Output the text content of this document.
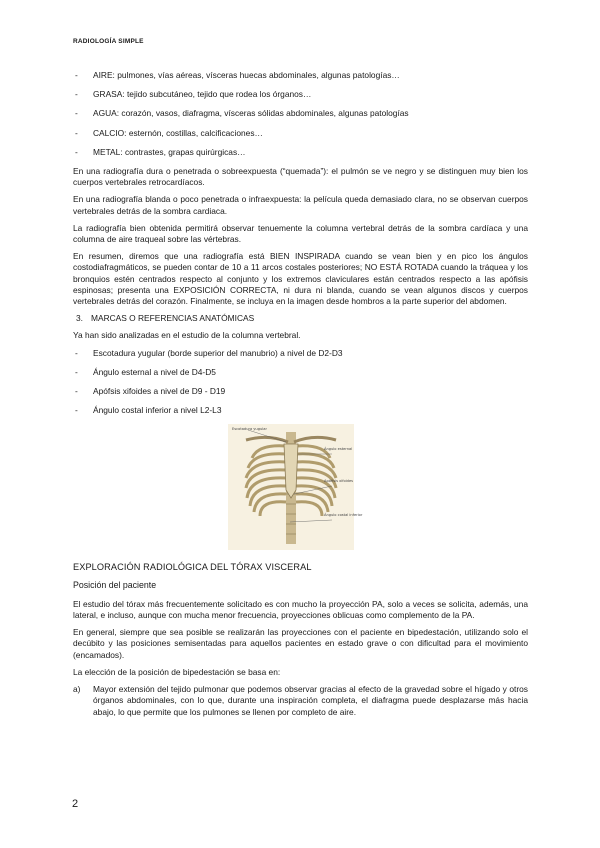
RADIOLOGÍA SIMPLE
- AIRE: pulmones, vías aéreas, vísceras huecas abdominales, algunas patologías…
- GRASA: tejido subcutáneo, tejido que rodea los órganos…
- AGUA: corazón, vasos, diafragma, vísceras sólidas abdominales, algunas patologías
- CALCIO: esternón, costillas, calcificaciones…
- METAL: contrastes, grapas quirúrgicas…

En una radiografía dura o penetrada o sobreexpuesta (“quemada”): el pulmón se ve negro y se distinguen muy bien los cuerpos vertebrales retrocardíacos.

En una radiografía blanda o poco penetrada o infraexpuesta: la película queda demasiado clara, no se observan cuerpos vertebrales detrás de la sombra cardiaca.

La radiografía bien obtenida permitirá observar tenuemente la columna vertebral detrás de la sombra cardíaca y una columna de aire traqueal sobre las vértebras.

En resumen, diremos que una radiografía está BIEN INSPIRADA cuando se vean bien y en pico los ángulos costodiafragmáticos, se pueden contar de 10 a 11 arcos costales posteriores; NO ESTÁ ROTADA cuando la tráquea y los bronquios estén centrados respecto al conjunto y los extremos claviculares están centrados respecto a las apófisis espinosas; presenta una EXPOSICIÓN CORRECTA, ni dura ni blanda, cuando se vean algunos discos y cuerpos vertebrales detrás del corazón. Finalmente, se incluya en la imagen desde hombros a la parte superior del abdomen.

3. MARCAS O REFERENCIAS ANATÓMICAS

Ya han sido analizadas en el estudio de la columna vertebral.

- Escotadura yugular (borde superior del manubrio) a nivel de D2-D3
- Ángulo esternal a nivel de D4-D5
- Apófsis xifoides a nivel de D9 - D19
- Ángulo costal inferior a nivel L2-L3
Escotadura yugular
Ángulo esternal
Apófisis xifoides
Ángulo costal inferior
EXPLORACIÓN RADIOLÓGICA DEL TÓRAX VISCERAL
Posición del paciente

El estudio del tórax más frecuentemente solicitado es con mucho la proyección PA, solo a veces se solicita, además, una lateral, e incluso, aunque con mucha menor frecuencia, proyecciones oblicuas como complemento de la PA.

En general, siempre que sea posible se realizarán las proyecciones con el paciente en bipedestación, utilizando solo el decúbito y las posiciones semisentadas para aquellos pacientes en estado grave o con dificultad para el movimiento (encamados).

La elección de la posición de bipedestación se basa en:

a) Mayor extensión del tejido pulmonar que podemos observar gracias al efecto de la gravedad sobre el hígado y otros órganos abdominales, con lo que, durante una inspiración completa, el diafragma puede desplazarse más hacia abajo, lo que permite que los pulmones se llenen por completo de aire.
2
